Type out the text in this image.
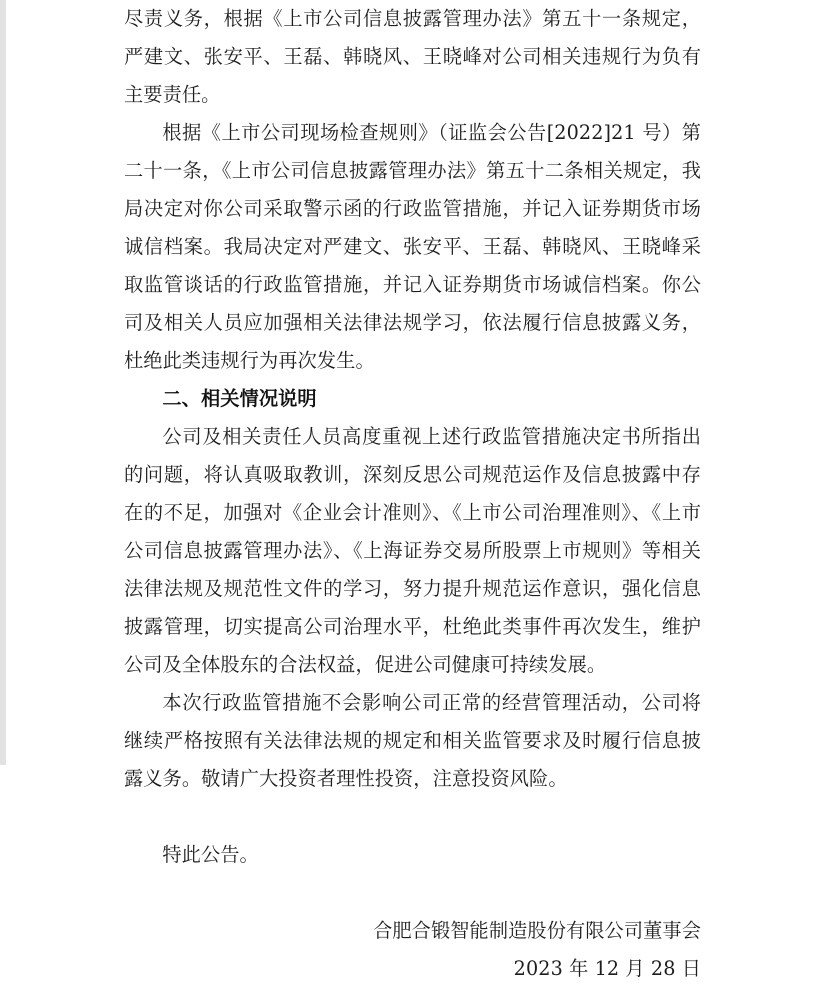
尽责义务，根据《上市公司信息披露管理办法》第五十一条规定，严建文、张安平、王磊、韩晓风、王晓峰对公司相关违规行为负有主要责任。

根据《上市公司现场检查规则》（证监会公告[2022]21 号）第二十一条，《上市公司信息披露管理办法》第五十二条相关规定，我局决定对你公司采取警示函的行政监管措施，并记入证券期货市场诚信档案。我局决定对严建文、张安平、王磊、韩晓风、王晓峰采取监管谈话的行政监管措施，并记入证券期货市场诚信档案。你公司及相关人员应加强相关法律法规学习，依法履行信息披露义务，杜绝此类违规行为再次发生。

二、相关情况说明

公司及相关责任人员高度重视上述行政监管措施决定书所指出的问题，将认真吸取教训，深刻反思公司规范运作及信息披露中存在的不足，加强对《企业会计准则》、《上市公司治理准则》、《上市公司信息披露管理办法》、《上海证券交易所股票上市规则》等相关法律法规及规范性文件的学习，努力提升规范运作意识，强化信息披露管理，切实提高公司治理水平，杜绝此类事件再次发生，维护公司及全体股东的合法权益，促进公司健康可持续发展。

本次行政监管措施不会影响公司正常的经营管理活动，公司将继续严格按照有关法律法规的规定和相关监管要求及时履行信息披露义务。敬请广大投资者理性投资，注意投资风险。

特此公告。

合肥合锻智能制造股份有限公司董事会

2023 年 12 月 28 日
